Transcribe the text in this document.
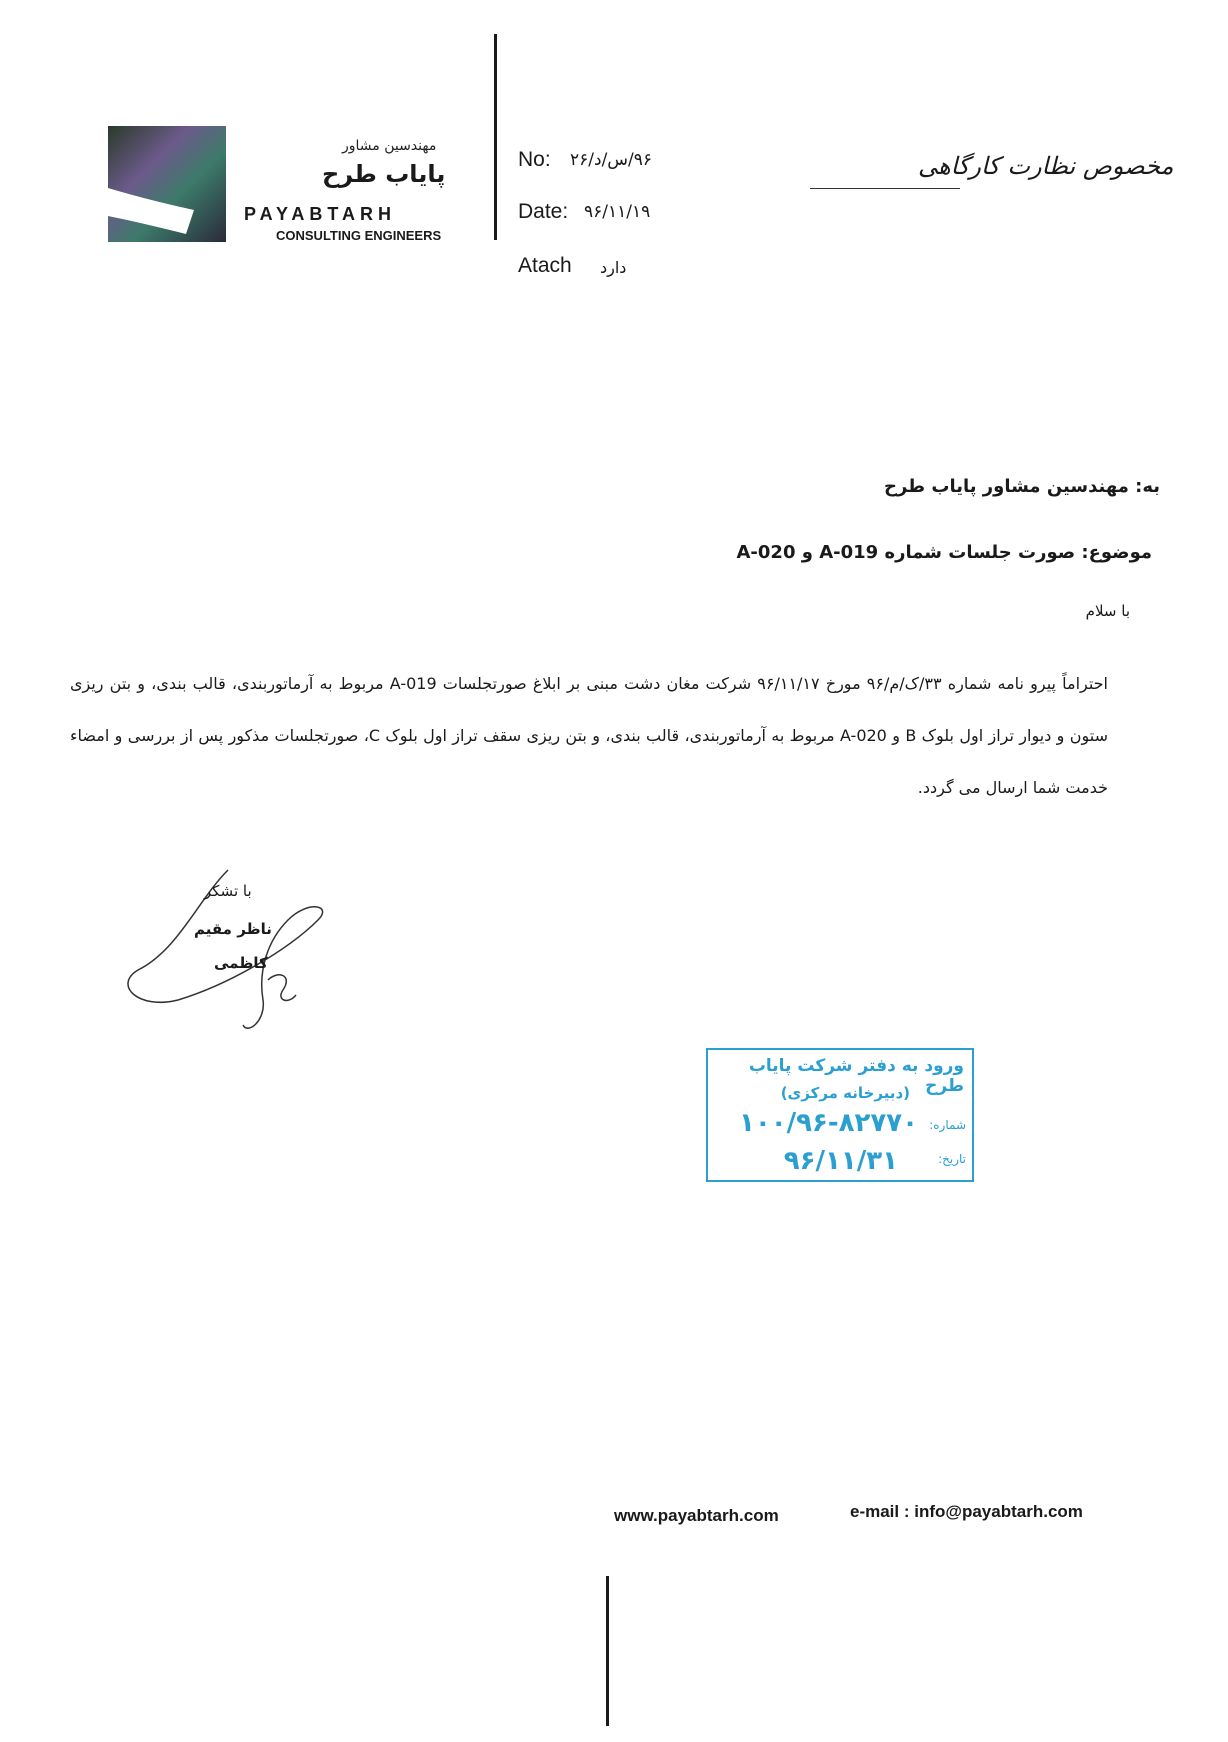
مهندسین مشاور
پایاب طرح
PAYABTARH
CONSULTING ENGINEERS
No: ۹۶/س/د/۲۶
Date: ۹۶/۱۱/۱۹
Atach دارد
مخصوص نظارت کارگاهی
به: مهندسین مشاور پایاب طرح
موضوع: صورت جلسات شماره A-019 و A-020
با سلام
احتراماً پیرو نامه شماره ۳۳/ک/م/۹۶ مورخ ۹۶/۱۱/۱۷ شرکت مغان دشت مبنی بر ابلاغ صورتجلسات A-019 مربوط به آرماتوربندی، قالب بندی، و بتن ریزی ستون و دیوار تراز اول بلوک B و A-020 مربوط به آرماتوربندی، قالب بندی، و بتن ریزی سقف تراز اول بلوک C، صورتجلسات مذکور پس از بررسی و امضاء خدمت شما ارسال می گردد.
با تشکر
ناظر مقیم
کاظمی
ورود به دفتر شرکت پایاب طرح
(دبیرخانه مرکزی)
شماره:
۱۰۰/۹۶-۸۲۷۷۰
تاریخ:
۹۶/۱۱/۳۱
www.payabtarh.com	e-mail : info@payabtarh.com
